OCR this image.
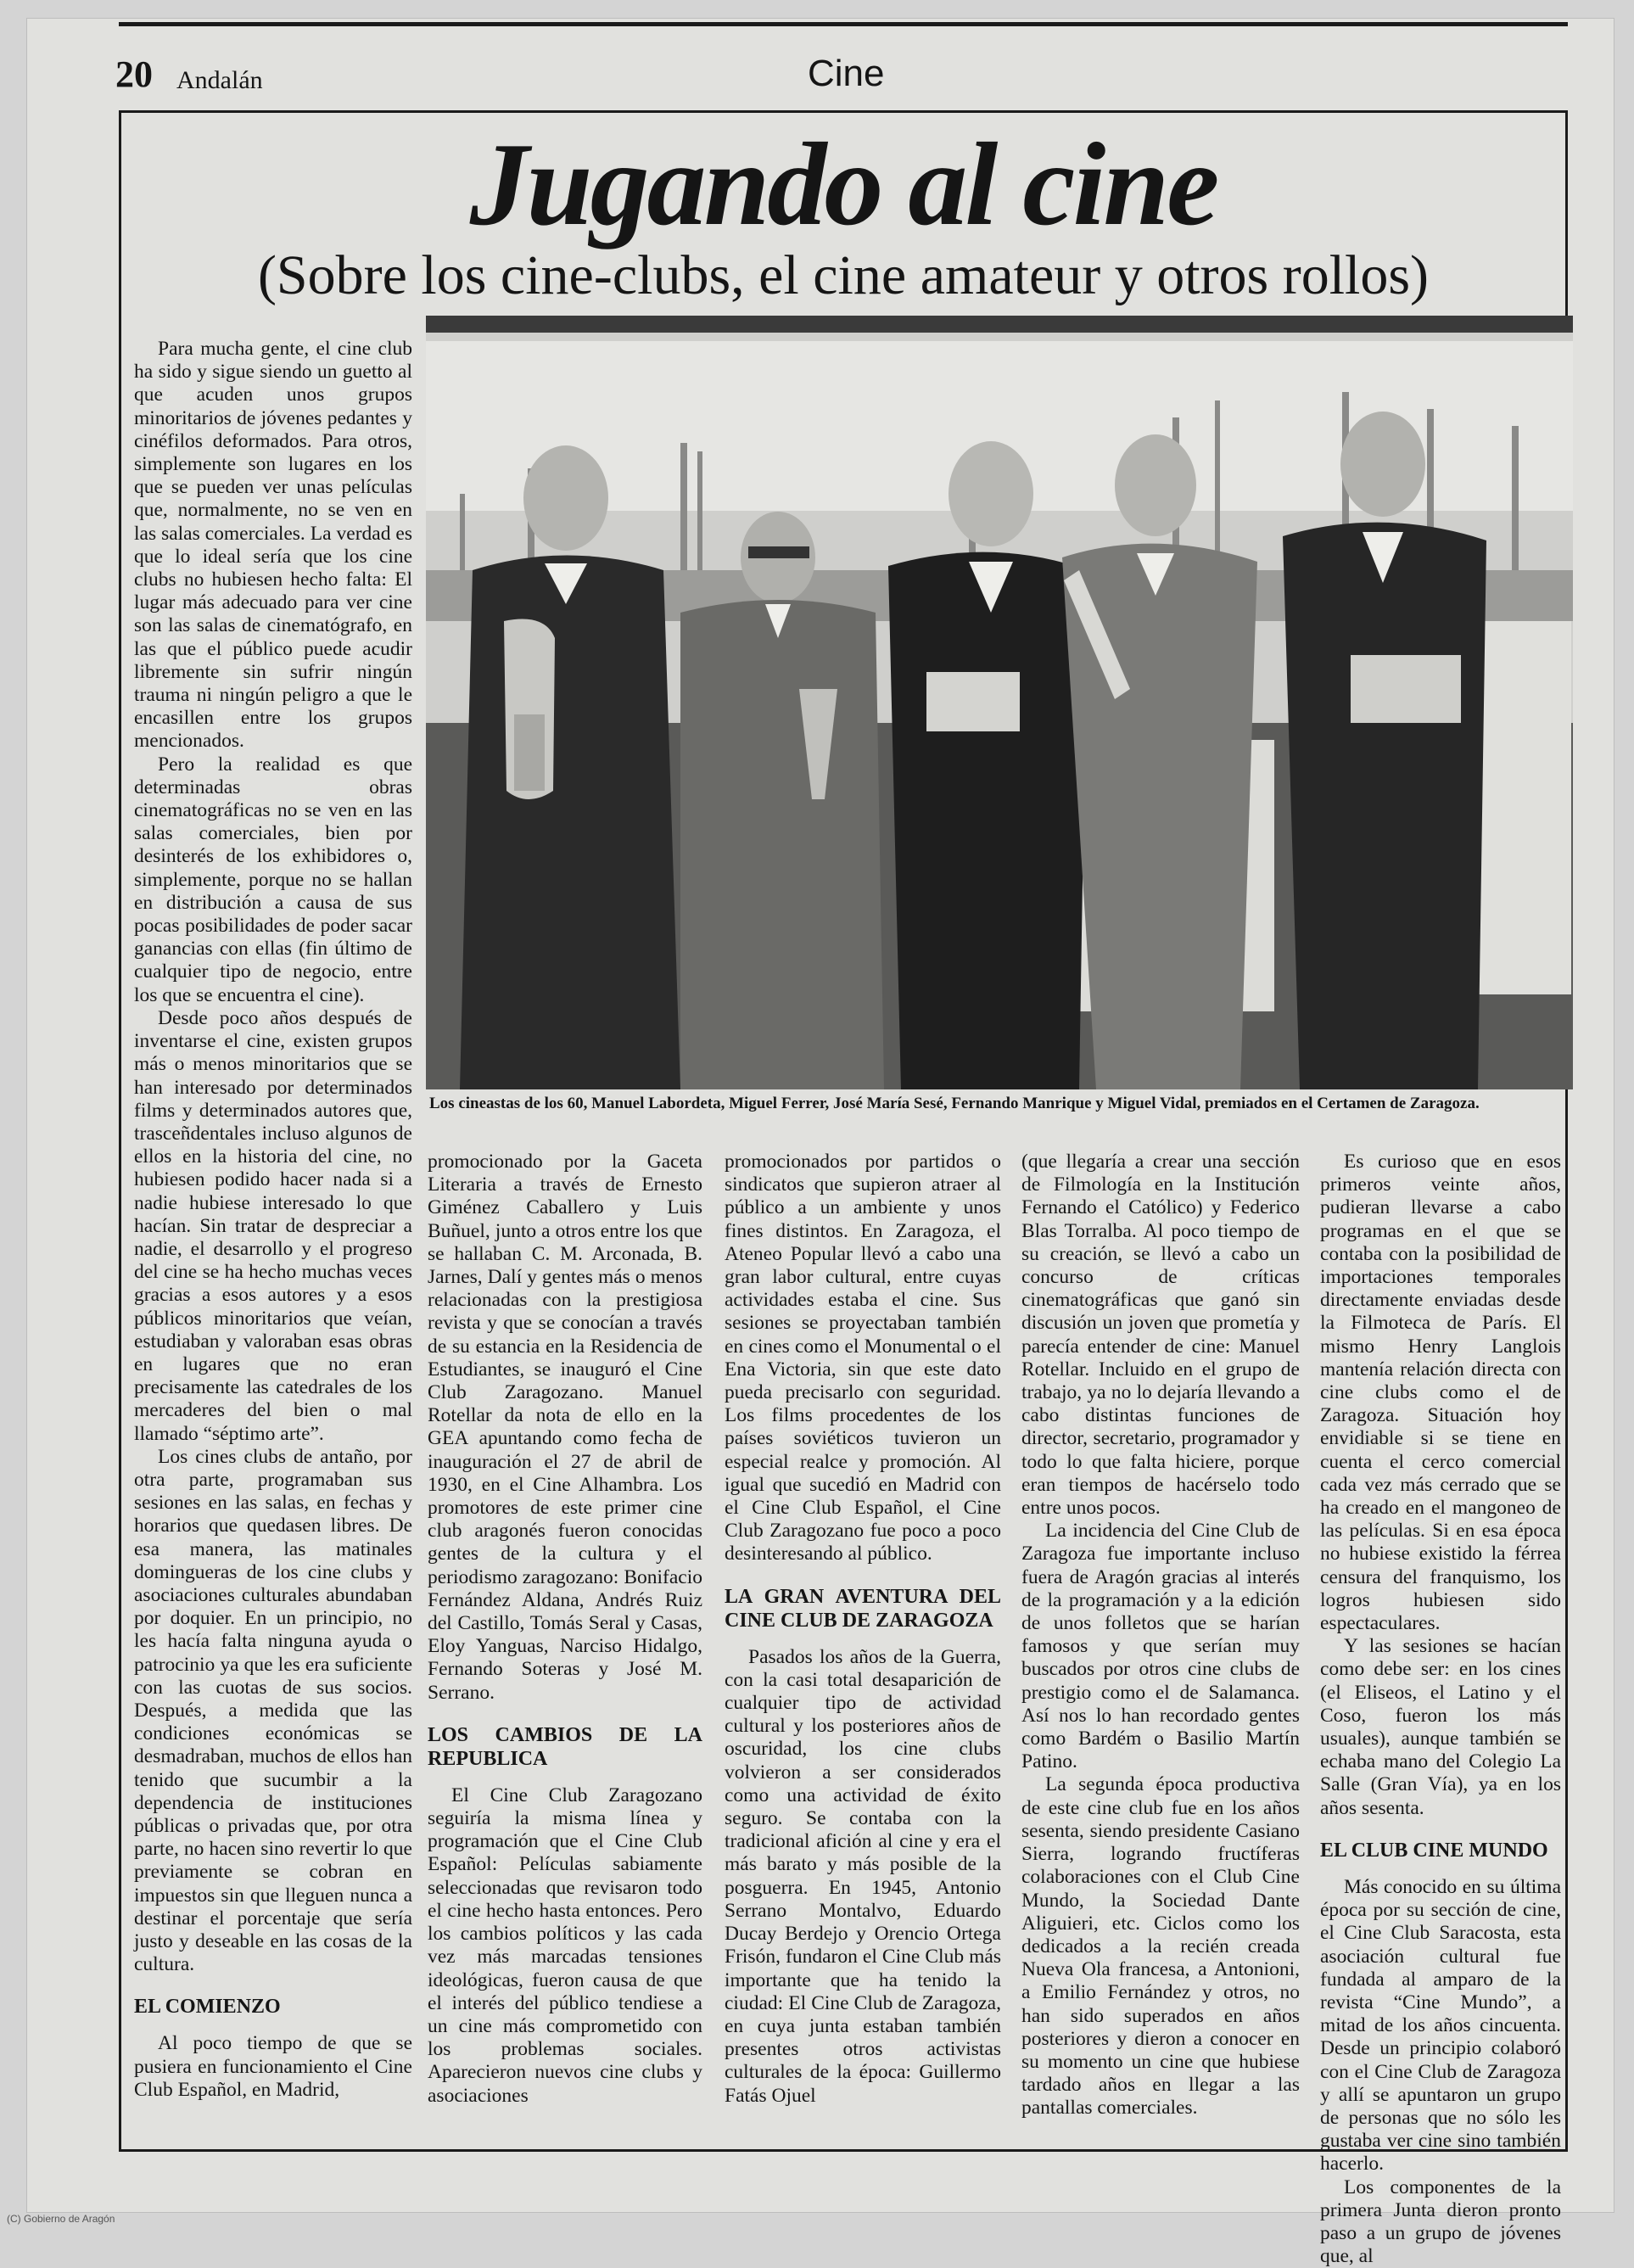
20 Andalán	Cine
Jugando al cine
(Sobre los cine-clubs, el cine amateur y otros rollos)
Los cineastas de los 60, Manuel Labordeta, Miguel Ferrer, José María Sesé, Fernando Manrique y Miguel Vidal, premiados en el Certamen de Zaragoza.

Para mucha gente, el cine club ha sido y sigue siendo un guetto al que acuden unos grupos minoritarios de jóvenes pedantes y cinéfilos deformados. Para otros, simplemente son lugares en los que se pueden ver unas películas que, normalmente, no se ven en las salas comerciales. La verdad es que lo ideal sería que los cine clubs no hubiesen hecho falta: El lugar más adecuado para ver cine son las salas de cinematógrafo, en las que el público puede acudir libremente sin sufrir ningún trauma ni ningún peligro a que le encasillen entre los grupos mencionados.

Pero la realidad es que determinadas obras cinematográficas no se ven en las salas comerciales, bien por desinterés de los exhibidores o, simplemente, porque no se hallan en distribución a causa de sus pocas posibilidades de poder sacar ganancias con ellas (fin último de cualquier tipo de negocio, entre los que se encuentra el cine).

Desde poco años después de inventarse el cine, existen grupos más o menos minoritarios que se han interesado por determinados films y determinados autores que, trasceñdentales incluso algunos de ellos en la historia del cine, no hubiesen podido hacer nada si a nadie hubiese interesado lo que hacían. Sin tratar de despreciar a nadie, el desarrollo y el progreso del cine se ha hecho muchas veces gracias a esos autores y a esos públicos minoritarios que veían, estudiaban y valoraban esas obras en lugares que no eran precisamente las catedrales de los mercaderes del bien o mal llamado “séptimo arte”.

Los cines clubs de antaño, por otra parte, programaban sus sesiones en las salas, en fechas y horarios que quedasen libres. De esa manera, las matinales domingueras de los cine clubs y asociaciones culturales abundaban por doquier. En un principio, no les hacía falta ninguna ayuda o patrocinio ya que les era suficiente con las cuotas de sus socios. Después, a medida que las condiciones económicas se desmadraban, muchos de ellos han tenido que sucumbir a la dependencia de instituciones públicas o privadas que, por otra parte, no hacen sino revertir lo que previamente se cobran en impuestos sin que lleguen nunca a destinar el porcentaje que sería justo y deseable en las cosas de la cultura.

EL COMIENZO

Al poco tiempo de que se pusiera en funcionamiento el Cine Club Español, en Madrid,

promocionado por la Gaceta Literaria a través de Ernesto Giménez Caballero y Luis Buñuel, junto a otros entre los que se hallaban C. M. Arconada, B. Jarnes, Dalí y gentes más o menos relacionadas con la prestigiosa revista y que se conocían a través de su estancia en la Residencia de Estudiantes, se inauguró el Cine Club Zaragozano. Manuel Rotellar da nota de ello en la GEA apuntando como fecha de inauguración el 27 de abril de 1930, en el Cine Alhambra. Los promotores de este primer cine club aragonés fueron conocidas gentes de la cultura y el periodismo zaragozano: Bonifacio Fernández Aldana, Andrés Ruiz del Castillo, Tomás Seral y Casas, Eloy Yanguas, Narciso Hidalgo, Fernando Soteras y José M. Serrano.

LOS CAMBIOS DE LA REPUBLICA

El Cine Club Zaragozano seguiría la misma línea y programación que el Cine Club Español: Películas sabiamente seleccionadas que revisaron todo el cine hecho hasta entonces. Pero los cambios políticos y las cada vez más marcadas tensiones ideológicas, fueron causa de que el interés del público tendiese a un cine más comprometido con los problemas sociales. Aparecieron nuevos cine clubs y asociaciones

promocionados por partidos o sindicatos que supieron atraer al público a un ambiente y unos fines distintos. En Zaragoza, el Ateneo Popular llevó a cabo una gran labor cultural, entre cuyas actividades estaba el cine. Sus sesiones se proyectaban también en cines como el Monumental o el Ena Victoria, sin que este dato pueda precisarlo con seguridad. Los films procedentes de los países soviéticos tuvieron un especial realce y promoción. Al igual que sucedió en Madrid con el Cine Club Español, el Cine Club Zaragozano fue poco a poco desinteresando al público.

LA GRAN AVENTURA DEL CINE CLUB DE ZARAGOZA

Pasados los años de la Guerra, con la casi total desaparición de cualquier tipo de actividad cultural y los posteriores años de oscuridad, los cine clubs volvieron a ser considerados como una actividad de éxito seguro. Se contaba con la tradicional afición al cine y era el más barato y más posible de la posguerra. En 1945, Antonio Serrano Montalvo, Eduardo Ducay Berdejo y Orencio Ortega Frisón, fundaron el Cine Club más importante que ha tenido la ciudad: El Cine Club de Zaragoza, en cuya junta estaban también presentes otros activistas culturales de la época: Guillermo Fatás Ojuel

(que llegaría a crear una sección de Filmología en la Institución Fernando el Católico) y Federico Blas Torralba. Al poco tiempo de su creación, se llevó a cabo un concurso de críticas cinematográficas que ganó sin discusión un joven que prometía y parecía entender de cine: Manuel Rotellar. Incluido en el grupo de trabajo, ya no lo dejaría llevando a cabo distintas funciones de director, secretario, programador y todo lo que falta hiciere, porque eran tiempos de hacérselo todo entre unos pocos.

La incidencia del Cine Club de Zaragoza fue importante incluso fuera de Aragón gracias al interés de la programación y a la edición de unos folletos que se harían famosos y que serían muy buscados por otros cine clubs de prestigio como el de Salamanca. Así nos lo han recordado gentes como Bardém o Basilio Martín Patino.

La segunda época productiva de este cine club fue en los años sesenta, siendo presidente Casiano Sierra, logrando fructíferas colaboraciones con el Club Cine Mundo, la Sociedad Dante Aliguieri, etc. Ciclos como los dedicados a la recién creada Nueva Ola francesa, a Antonioni, a Emilio Fernández y otros, no han sido superados en años posteriores y dieron a conocer en su momento un cine que hubiese tardado años en llegar a las pantallas comerciales.

Es curioso que en esos primeros veinte años, pudieran llevarse a cabo programas en el que se contaba con la posibilidad de importaciones temporales directamente enviadas desde la Filmoteca de París. El mismo Henry Langlois mantenía relación directa con cine clubs como el de Zaragoza. Situación hoy envidiable si se tiene en cuenta el cerco comercial cada vez más cerrado que se ha creado en el mangoneo de las películas. Si en esa época no hubiese existido la férrea censura del franquismo, los logros hubiesen sido espectaculares.

Y las sesiones se hacían como debe ser: en los cines (el Eliseos, el Latino y el Coso, fueron los más usuales), aunque también se echaba mano del Colegio La Salle (Gran Vía), ya en los años sesenta.

EL CLUB CINE MUNDO

Más conocido en su última época por su sección de cine, el Cine Club Saracosta, esta asociación cultural fue fundada al amparo de la revista “Cine Mundo”, a mitad de los años cincuenta. Desde un principio colaboró con el Cine Club de Zaragoza y allí se apuntaron un grupo de personas que no sólo les gustaba ver cine sino también hacerlo.

Los componentes de la primera Junta dieron pronto paso a un grupo de jóvenes que, al

(C) Gobierno de Aragón
